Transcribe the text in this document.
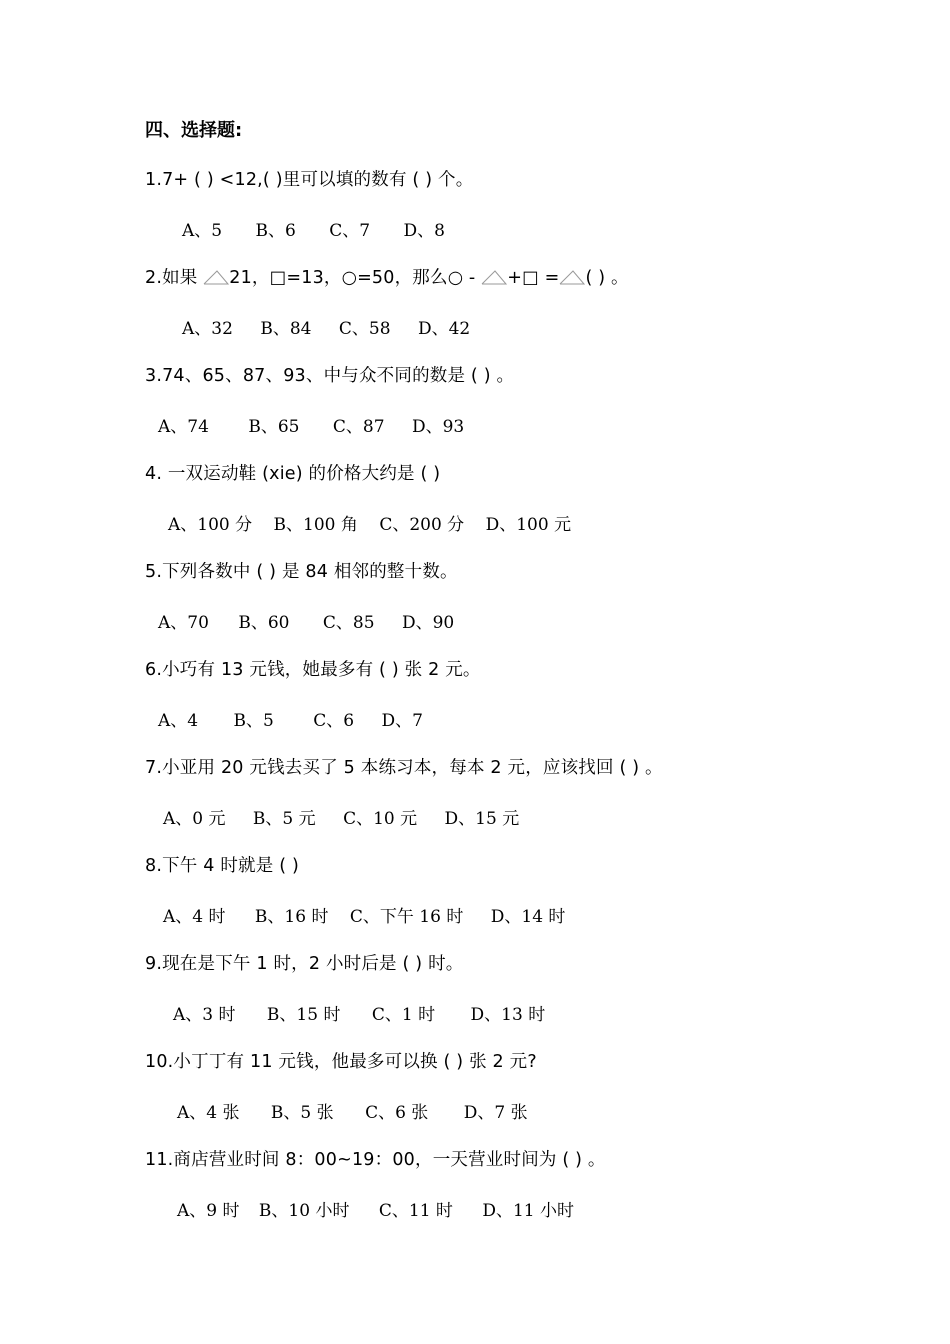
四、选择题:
1.7+ ( ) <12,( )里可以填的数有 ( ) 个。
A、5 B、6 C、7 D、8
2.如果 21，□=13，○=50，那么○ - +□ = ( ) 。
A、32 B、84 C、58 D、42
3.74、65、87、93、中与众不同的数是 ( ) 。
A、74 B、65 C、87 D、93
4. 一双运动鞋 (xie) 的价格大约是 ( )
A、100 分 B、100 角 C、200 分 D、100 元
5.下列各数中 ( ) 是 84 相邻的整十数。
A、70 B、60 C、85 D、90
6.小巧有 13 元钱，她最多有 ( ) 张 2 元。
A、4 B、5 C、6 D、7
7.小亚用 20 元钱去买了 5 本练习本，每本 2 元，应该找回 ( ) 。
A、0 元 B、5 元 C、10 元 D、15 元
8.下午 4 时就是 ( )
A、4 时 B、16 时 C、下午 16 时 D、14 时
9.现在是下午 1 时，2 小时后是 ( ) 时。
A、3 时 B、15 时 C、1 时 D、13 时
10.小丁丁有 11 元钱，他最多可以换 ( ) 张 2 元?
A、4 张 B、5 张 C、6 张 D、7 张
11.商店营业时间 8：00~19：00，一天营业时间为 ( ) 。
A、9 时 B、10 小时 C、11 时 D、11 小时
